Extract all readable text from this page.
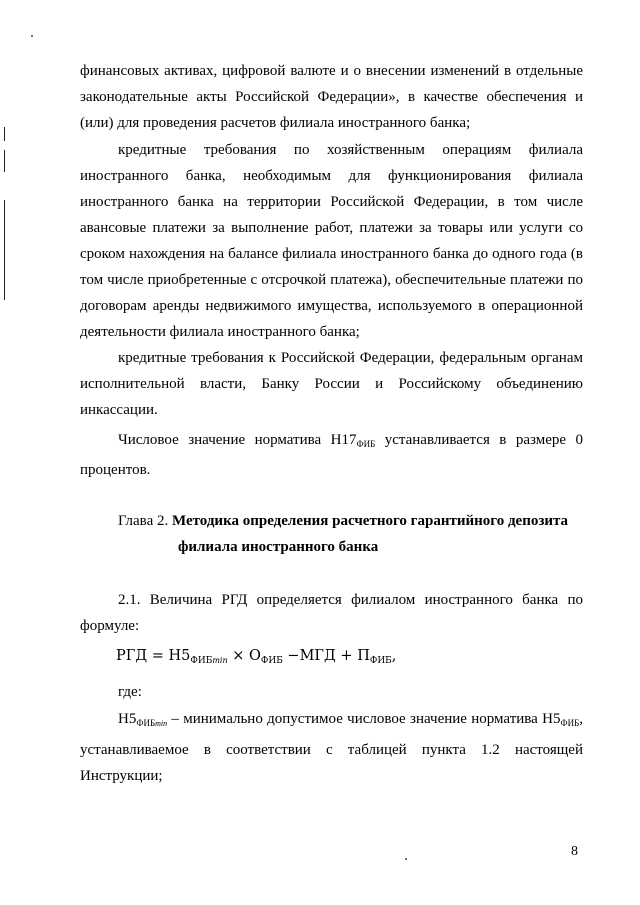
финансовых активах, цифровой валюте и о внесении изменений в отдельные законодательные акты Российской Федерации», в качестве обеспечения и (или) для проведения расчетов филиала иностранного банка;

кредитные требования по хозяйственным операциям филиала иностранного банка, необходимым для функционирования филиала иностранного банка на территории Российской Федерации, в том числе авансовые платежи за выполнение работ, платежи за товары или услуги со сроком нахождения на балансе филиала иностранного банка до одного года (в том числе приобретенные с отсрочкой платежа), обеспечительные платежи по договорам аренды недвижимого имущества, используемого в операционной деятельности филиала иностранного банка;

кредитные требования к Российской Федерации, федеральным органам исполнительной власти, Банку России и Российскому объединению инкассации.

Числовое значение норматива $Н17_{ФИБ}$ устанавливается в размере 0 процентов.

Глава 2. Методика определения расчетного гарантийного депозита

филиала иностранного банка

2.1. Величина РГД определяется филиалом иностранного банка по формуле:

РГД = $Н5_{ФИБmin} \times О_{ФИБ} -МГД + П_{ФИБ}$,

где:

$Н5_{ФИБmin}$ – минимально допустимое числовое значение норматива $Н5_{ФИБ}$, устанавливаемое в соответствии с таблицей пункта 1.2 настоящей Инструкции;

8
